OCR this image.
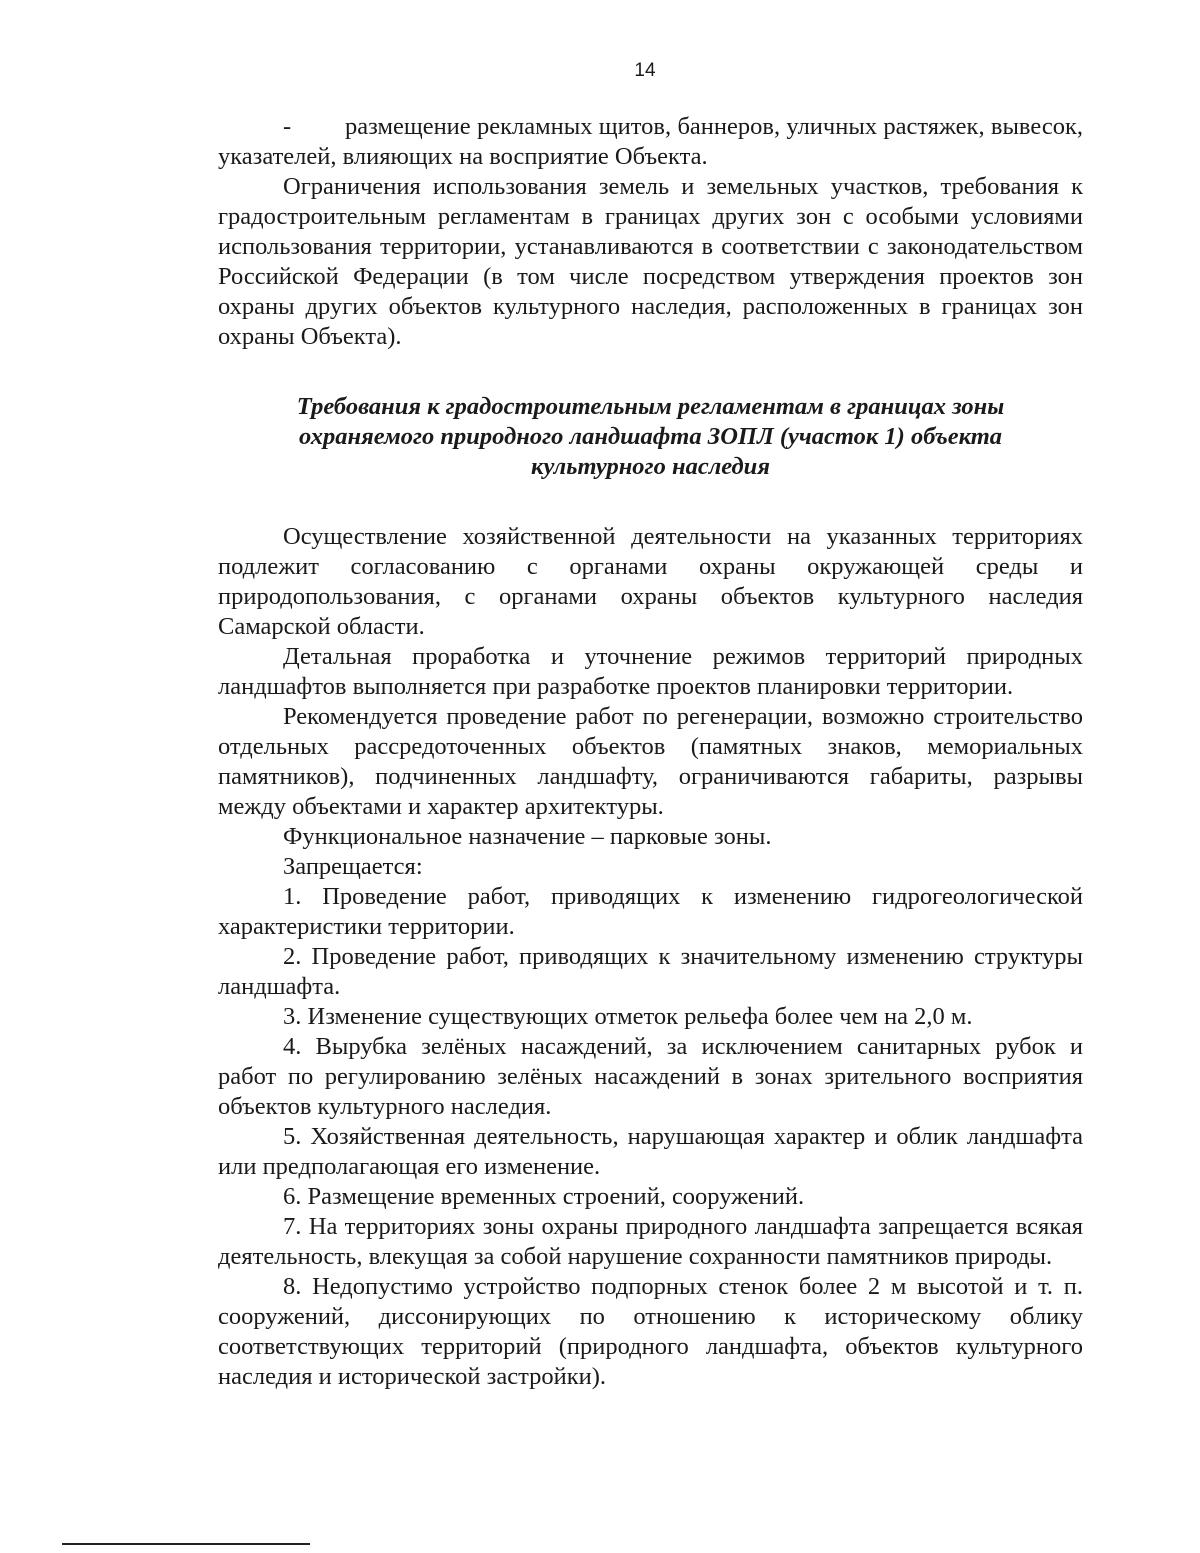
14

- размещение рекламных щитов, баннеров, уличных растяжек, вывесок, указателей, влияющих на восприятие Объекта.

Ограничения использования земель и земельных участков, требования к градостроительным регламентам в границах других зон с особыми условиями использования территории, устанавливаются в соответствии с законодательством Российской Федерации (в том числе посредством утверждения проектов зон охраны других объектов культурного наследия, расположенных в границах зон охраны Объекта).

Требования к градостроительным регламентам в границах зоны
охраняемого природного ландшафта ЗОПЛ (участок 1) объекта
культурного наследия

Осуществление хозяйственной деятельности на указанных территориях подлежит согласованию с органами охраны окружающей среды и природопользования, с органами охраны объектов культурного наследия Самарской области.

Детальная проработка и уточнение режимов территорий природных ландшафтов выполняется при разработке проектов планировки территории.

Рекомендуется проведение работ по регенерации, возможно строительство отдельных рассредоточенных объектов (памятных знаков, мемориальных памятников), подчиненных ландшафту, ограничиваются габариты, разрывы между объектами и характер архитектуры.

Функциональное назначение – парковые зоны.

Запрещается:

1. Проведение работ, приводящих к изменению гидрогеологической характеристики территории.

2. Проведение работ, приводящих к значительному изменению структуры ландшафта.

3. Изменение существующих отметок рельефа более чем на 2,0 м.

4. Вырубка зелёных насаждений, за исключением санитарных рубок и работ по регулированию зелёных насаждений в зонах зрительного восприятия объектов культурного наследия.

5. Хозяйственная деятельность, нарушающая характер и облик ландшафта или предполагающая его изменение.

6. Размещение временных строений, сооружений.

7. На территориях зоны охраны природного ландшафта запрещается всякая деятельность, влекущая за собой нарушение сохранности памятников природы.

8. Недопустимо устройство подпорных стенок более 2 м высотой и т. п. сооружений, диссонирующих по отношению к историческому облику соответствующих территорий (природного ландшафта, объектов культурного наследия и исторической застройки).
